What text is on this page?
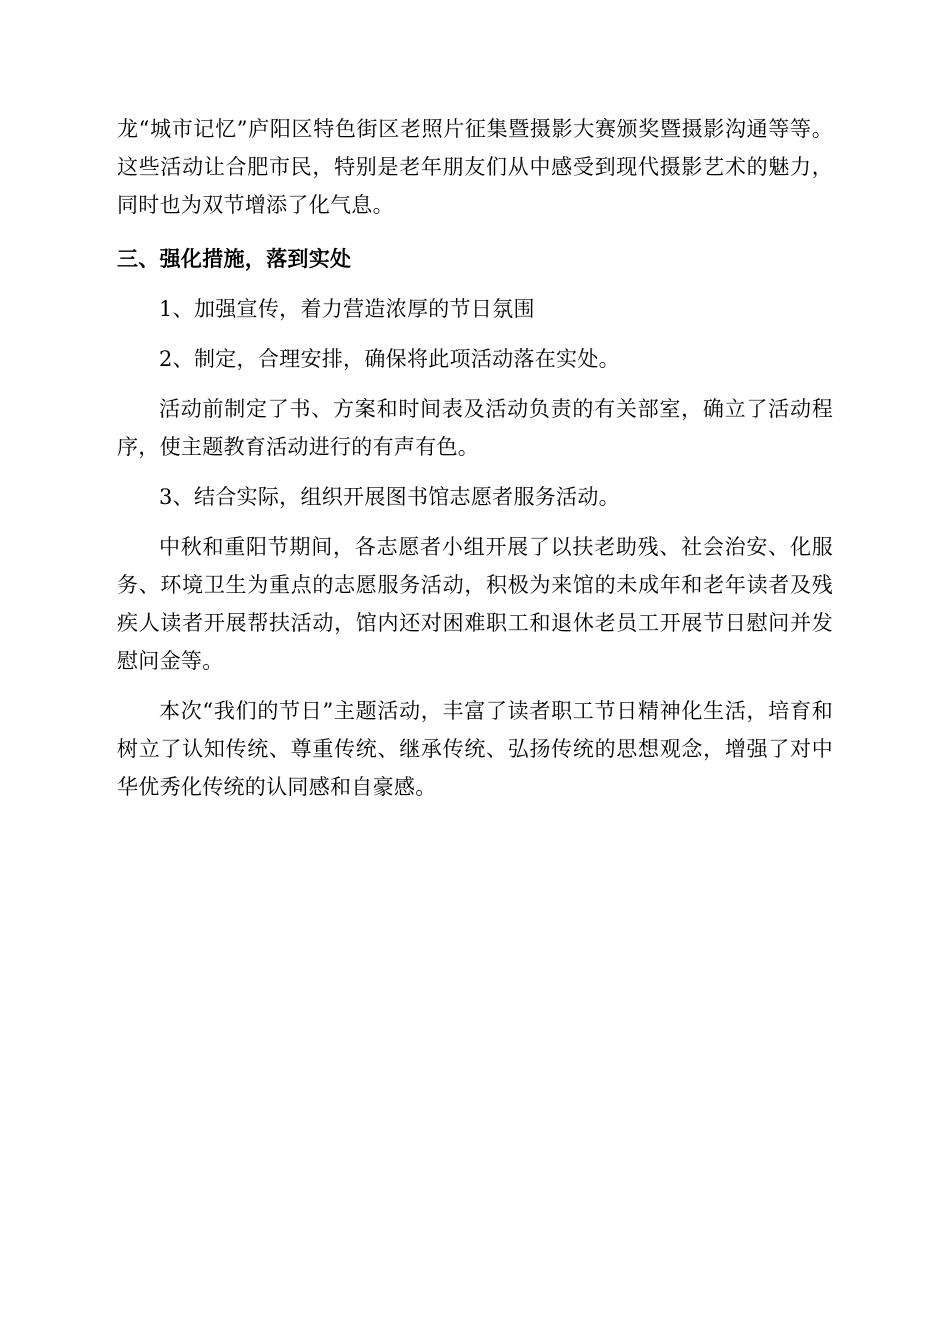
龙“城市记忆”庐阳区特色街区老照片征集暨摄影大赛颁奖暨摄影沟通等等。这些活动让合肥市民，特别是老年朋友们从中感受到现代摄影艺术的魅力，同时也为双节增添了化气息。

三、强化措施，落到实处

1、加强宣传，着力营造浓厚的节日氛围

2、制定，合理安排，确保将此项活动落在实处。

活动前制定了书、方案和时间表及活动负责的有关部室，确立了活动程序，使主题教育活动进行的有声有色。

3、结合实际，组织开展图书馆志愿者服务活动。

中秋和重阳节期间，各志愿者小组开展了以扶老助残、社会治安、化服务、环境卫生为重点的志愿服务活动，积极为来馆的未成年和老年读者及残疾人读者开展帮扶活动，馆内还对困难职工和退休老员工开展节日慰问并发慰问金等。

本次“我们的节日”主题活动，丰富了读者职工节日精神化生活，培育和树立了认知传统、尊重传统、继承传统、弘扬传统的思想观念，增强了对中华优秀化传统的认同感和自豪感。
